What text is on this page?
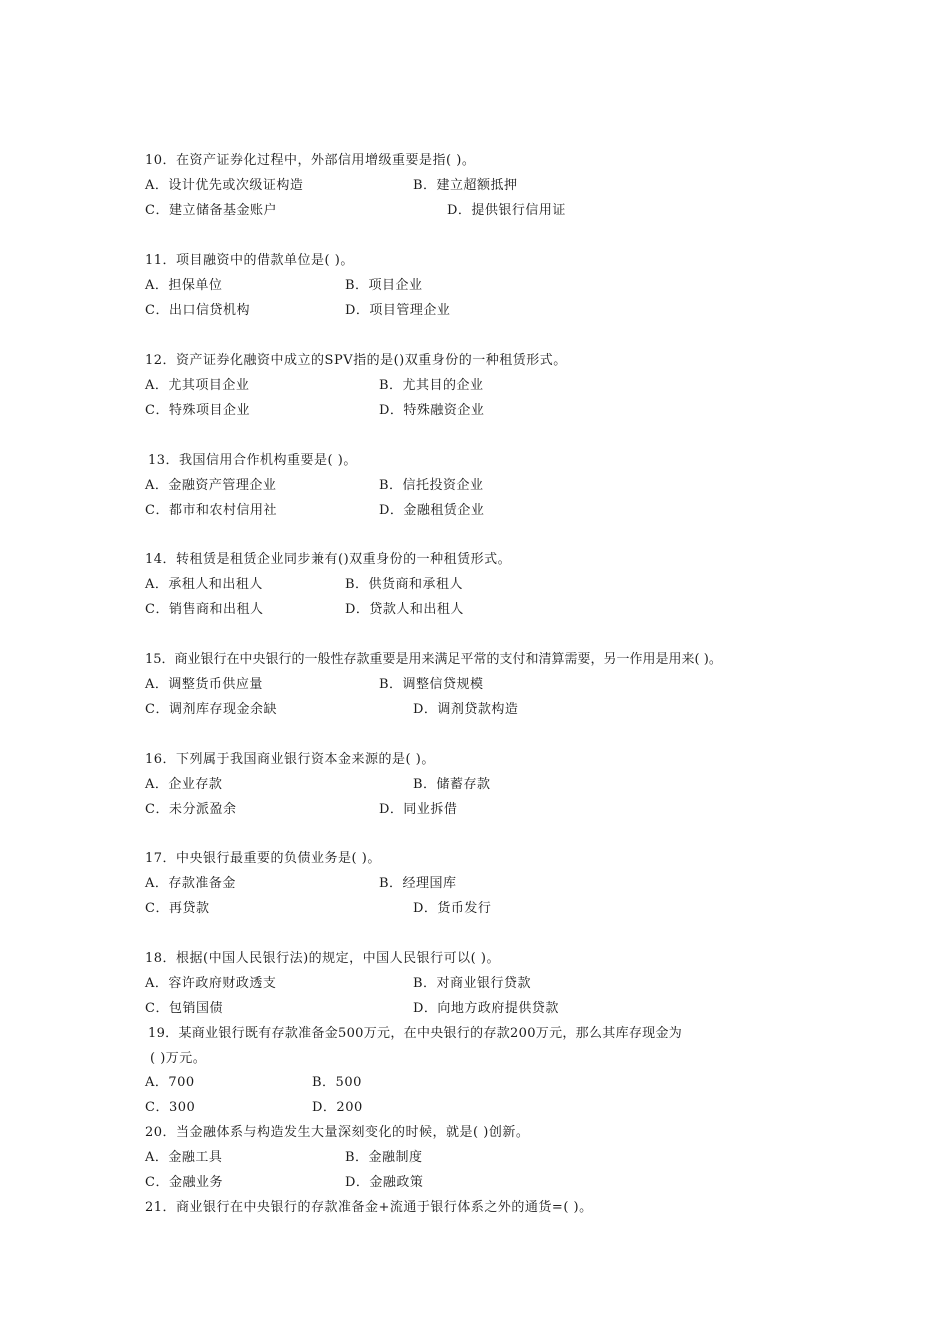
10．在资产证券化过程中，外部信用增级重要是指( )。
A．设计优先或次级证构造	B．建立超额抵押
C．建立储备基金账户	D．提供银行信用证
11．项目融资中的借款单位是( )。
A．担保单位	B．项目企业
C．出口信贷机构	D．项目管理企业
12．资产证券化融资中成立的SPV指的是()双重身份的一种租赁形式。
A．尤其项目企业	B．尤其目的企业
C．特殊项目企业	D．特殊融资企业
13．我国信用合作机构重要是( )。
A．金融资产管理企业	B．信托投资企业
C．都市和农村信用社	D．金融租赁企业
14．转租赁是租赁企业同步兼有()双重身份的一种租赁形式。
A．承租人和出租人	B．供货商和承租人
C．销售商和出租人	D．贷款人和出租人
15．商业银行在中央银行的一般性存款重要是用来满足平常的支付和清算需要，另一作用是用来( )。
A．调整货币供应量	B．调整信贷规模
C．调剂库存现金余缺	D．调剂贷款构造
16．下列属于我国商业银行资本金来源的是( )。
A．企业存款	B．储蓄存款
C．未分派盈余	D．同业拆借
17．中央银行最重要的负债业务是( )。
A．存款准备金	B．经理国库
C．再贷款	D．货币发行
18．根据(中国人民银行法)的规定，中国人民银行可以( )。
A．容许政府财政透支	B．对商业银行贷款
C．包销国债	D．向地方政府提供贷款
19．某商业银行既有存款准备金500万元，在中央银行的存款200万元，那么其库存现金为
( )万元。
A．700	B．500
C．300	D．200
20．当金融体系与构造发生大量深刻变化的时候，就是( )创新。
A．金融工具	B．金融制度
C．金融业务	D．金融政策
21．商业银行在中央银行的存款准备金+流通于银行体系之外的通货=( )。
